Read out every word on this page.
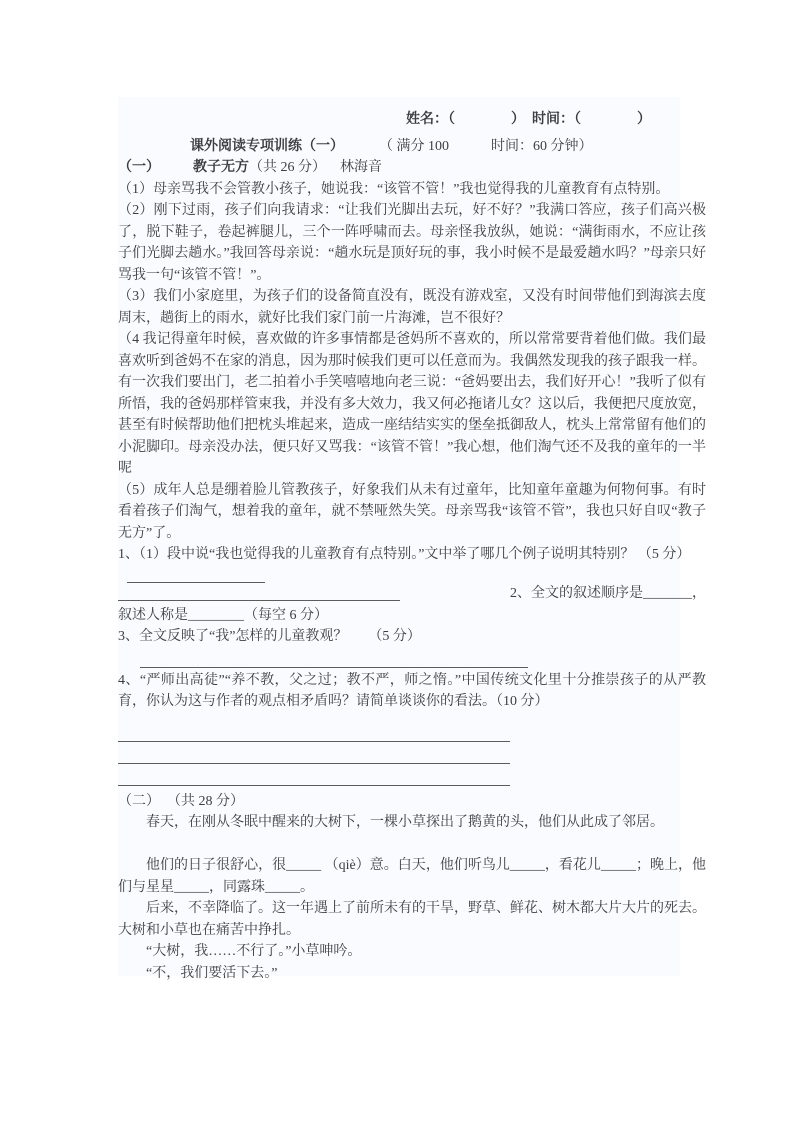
姓名：（　　　　）　时间：（　　　　）
课外阅读专项训练（一）	（ 满分 100　　　时间：60 分钟）
（一） 教子无方（共 26 分） 林海音

（1）母亲骂我不会管教小孩子，她说我：“该管不管！”我也觉得我的儿童教育有点特别。

（2）刚下过雨，孩子们向我请求：“让我们光脚出去玩，好不好？”我满口答应，孩子们高兴极了，脱下鞋子，卷起裤腿儿，三个一阵呼啸而去。母亲怪我放纵，她说：“满街雨水，不应让孩子们光脚去趟水。”我回答母亲说：“趟水玩是顶好玩的事，我小时候不是最爱趟水吗？”母亲只好骂我一句“该管不管！”。

（3）我们小家庭里，为孩子们的设备简直没有，既没有游戏室，又没有时间带他们到海滨去度周末，趟街上的雨水，就好比我们家门前一片海滩，岂不很好？

（4 我记得童年时候，喜欢做的许多事情都是爸妈所不喜欢的，所以常常要背着他们做。我们最喜欢听到爸妈不在家的消息，因为那时候我们更可以任意而为。我偶然发现我的孩子跟我一样。有一次我们要出门，老二拍着小手笑嘻嘻地向老三说：“爸妈要出去，我们好开心！”我听了似有所悟，我的爸妈那样管束我，并没有多大效力，我又何必拖诸儿女？这以后，我便把尺度放宽，甚至有时候帮助他们把枕头堆起来，造成一座结结实实的堡垒抵御敌人，枕头上常常留有他们的小泥脚印。母亲没办法，便只好又骂我：“该管不管！”我心想，他们淘气还不及我的童年的一半呢

（5）成年人总是绷着脸儿管教孩子，好象我们从未有过童年，比知童年童趣为何物何事。有时看着孩子们淘气，想着我的童年，就不禁哑然失笑。母亲骂我“该管不管”，我也只好自叹“教子无方”了。

1、（1）段中说“我也觉得我的儿童教育有点特别。”文中举了哪几个例子说明其特别？ （5 分）

2、全文的叙述顺序是_______，

叙述人称是________（每空 6 分）

3、全文反映了“我”怎样的儿童教观？　　（5 分）

4、“严师出高徒”“养不教，父之过；教不严，师之惰。”中国传统文化里十分推崇孩子的从严教育，你认为这与作者的观点相矛盾吗？请简单谈谈你的看法。（10 分）

（二） （共 28 分）

春天，在刚从冬眠中醒来的大树下，一棵小草探出了鹅黄的头，他们从此成了邻居。

他们的日子很舒心，很_____ （qiè）意。白天，他们听鸟儿_____，看花儿_____；晚上，他们与星星_____，同露珠_____。

后来，不幸降临了。这一年遇上了前所未有的干旱，野草、鲜花、树木都大片大片的死去。大树和小草也在痛苦中挣扎。

“大树，我……不行了。”小草呻吟。

“不，我们要活下去。”
